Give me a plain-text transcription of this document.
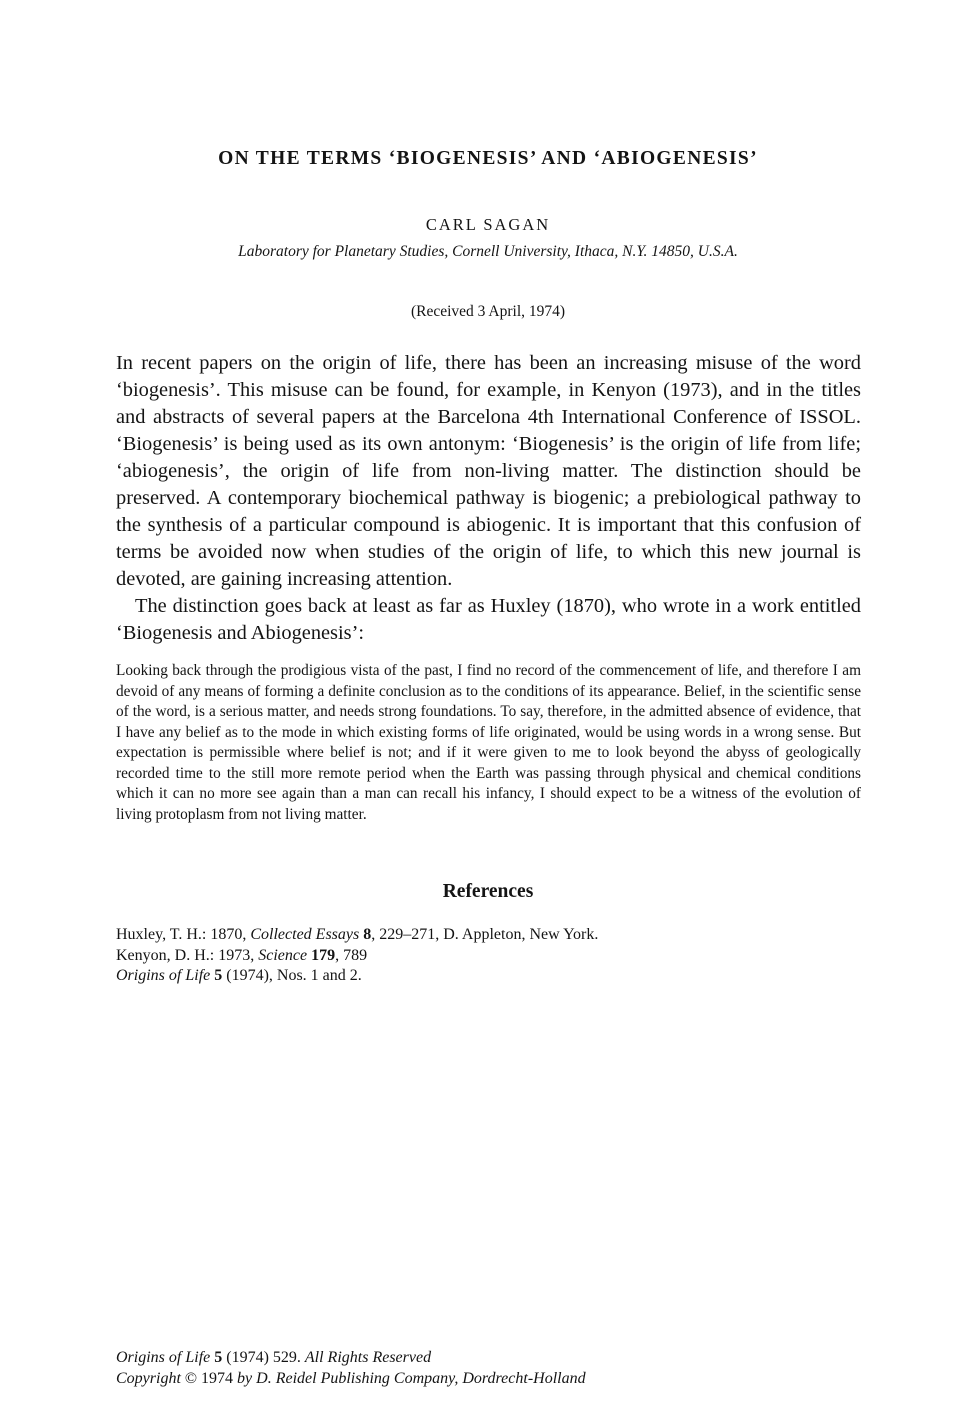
ON THE TERMS ‘BIOGENESIS’ AND ‘ABIOGENESIS’
CARL SAGAN
Laboratory for Planetary Studies, Cornell University, Ithaca, N.Y. 14850, U.S.A.
(Received 3 April, 1974)

In recent papers on the origin of life, there has been an increasing misuse of the word ‘biogenesis’. This misuse can be found, for example, in Kenyon (1973), and in the titles and abstracts of several papers at the Barcelona 4th International Conference of ISSOL. ‘Biogenesis’ is being used as its own antonym: ‘Biogenesis’ is the origin of life from life; ‘abiogenesis’, the origin of life from non-living matter. The distinction should be preserved. A contemporary biochemical pathway is biogenic; a prebiological pathway to the synthesis of a particular compound is abiogenic. It is important that this confusion of terms be avoided now when studies of the origin of life, to which this new journal is devoted, are gaining increasing attention.

The distinction goes back at least as far as Huxley (1870), who wrote in a work entitled ‘Biogenesis and Abiogenesis’:

Looking back through the prodigious vista of the past, I find no record of the commencement of life, and therefore I am devoid of any means of forming a definite conclusion as to the conditions of its appearance. Belief, in the scientific sense of the word, is a serious matter, and needs strong foundations. To say, therefore, in the admitted absence of evidence, that I have any belief as to the mode in which existing forms of life originated, would be using words in a wrong sense. But expectation is permissible where belief is not; and if it were given to me to look beyond the abyss of geologically recorded time to the still more remote period when the Earth was passing through physical and chemical conditions which it can no more see again than a man can recall his infancy, I should expect to be a witness of the evolution of living protoplasm from not living matter.

References
Huxley, T. H.: 1870, Collected Essays 8, 229–271, D. Appleton, New York.
Kenyon, D. H.: 1973, Science 179, 789
Origins of Life 5 (1974), Nos. 1 and 2.
Origins of Life 5 (1974) 529. All Rights Reserved
Copyright © 1974 by D. Reidel Publishing Company, Dordrecht-Holland
